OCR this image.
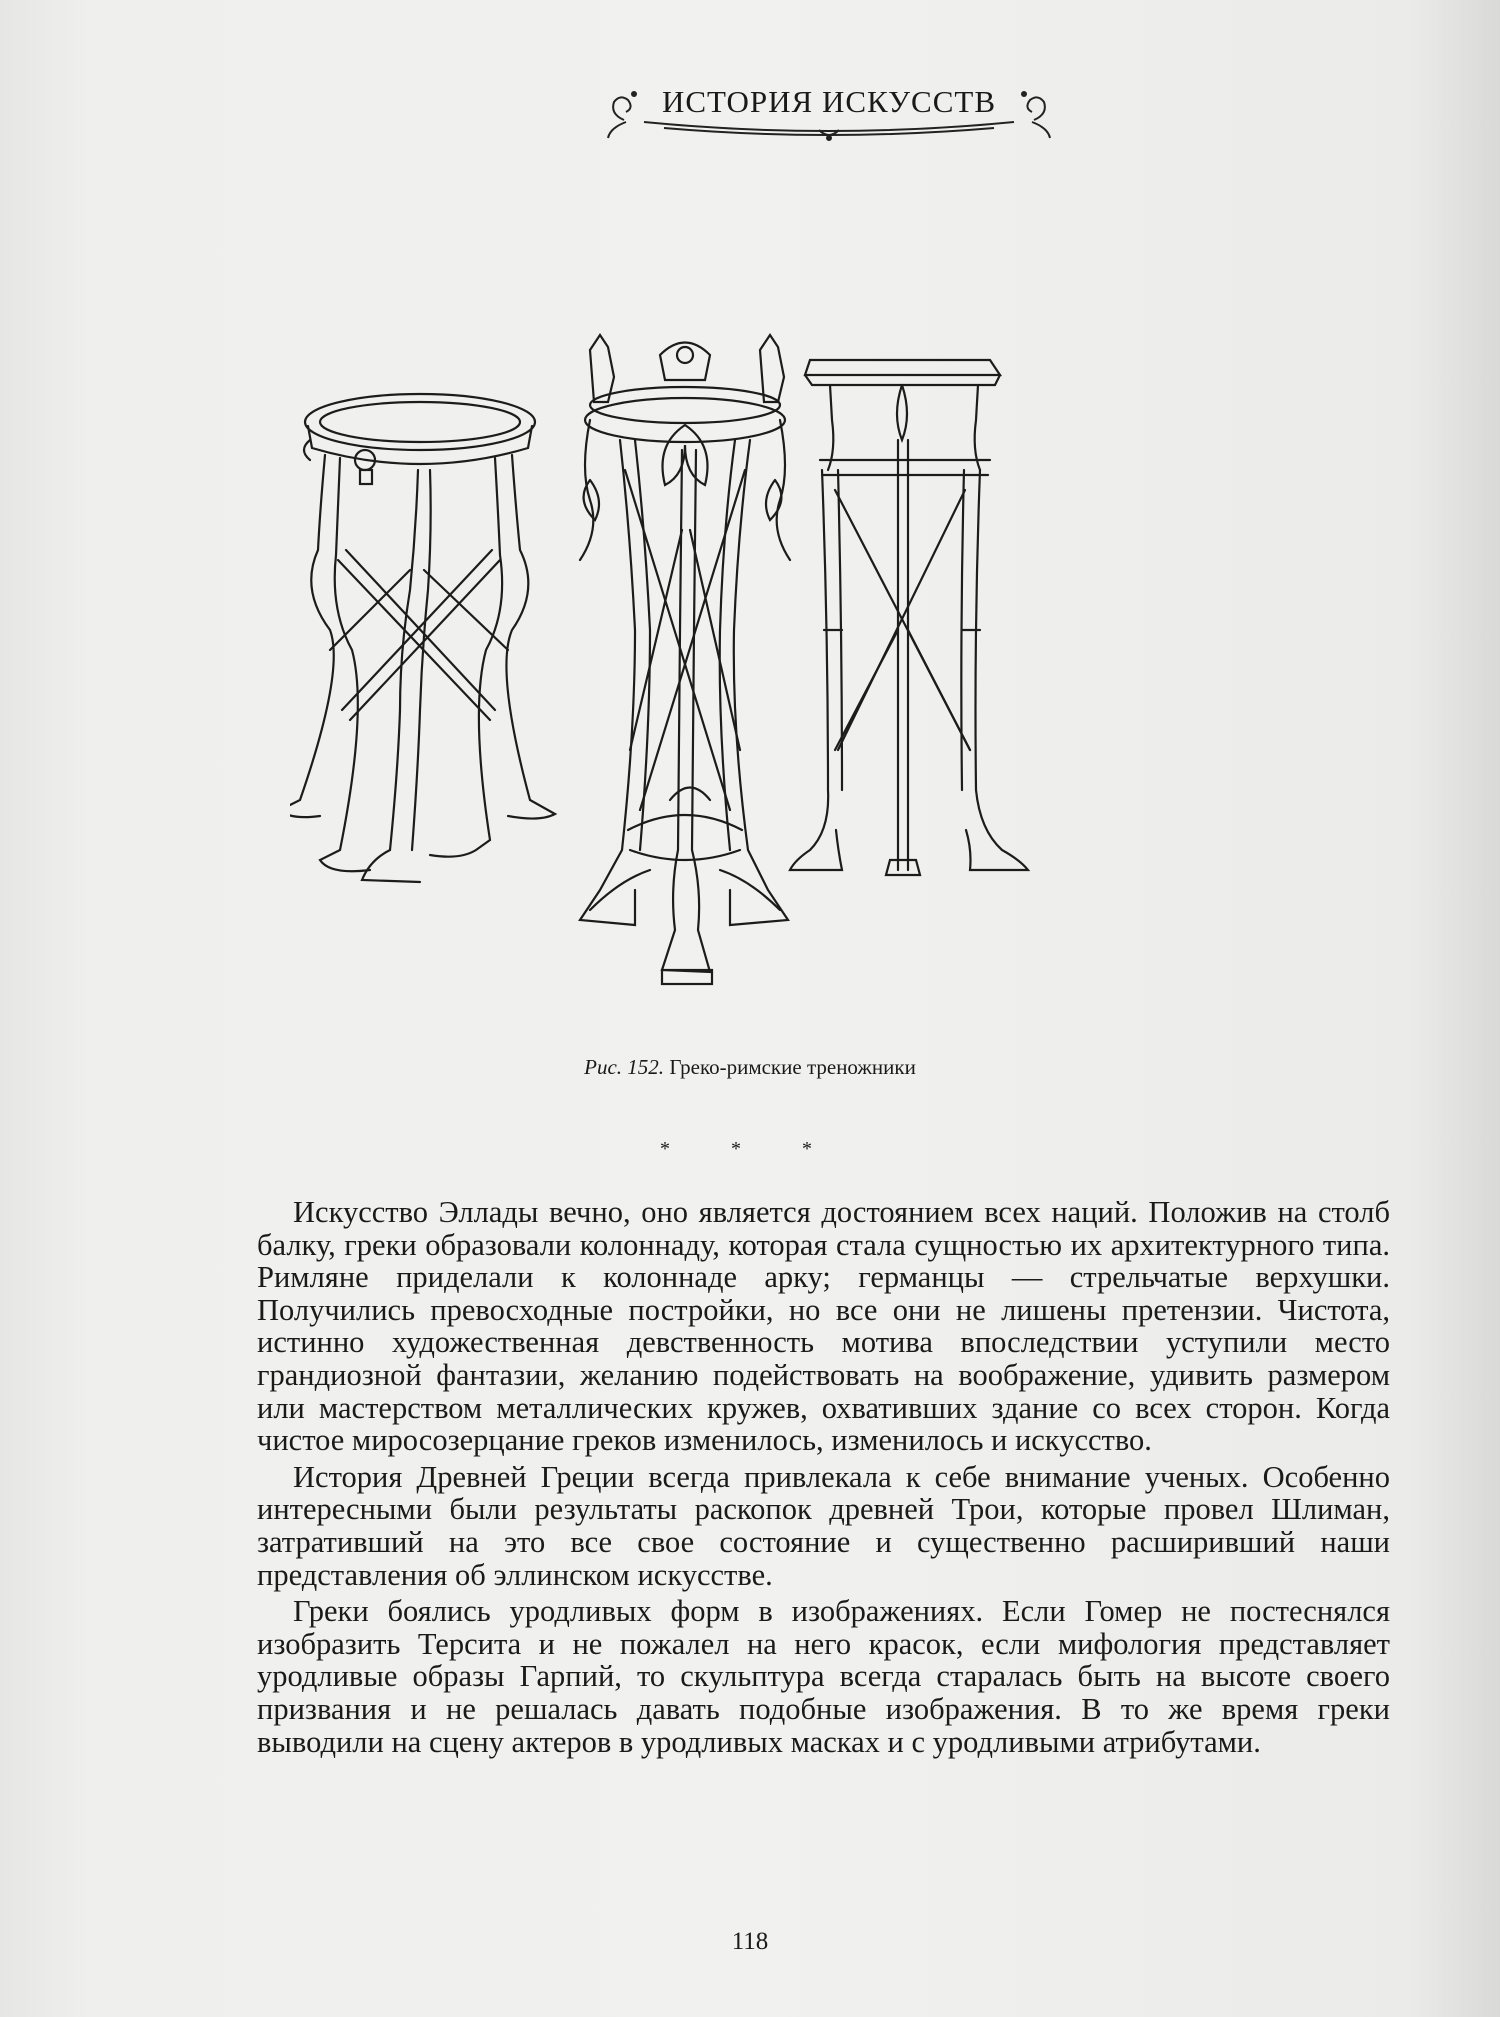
ИСТОРИЯ ИСКУССТВ
Рис. 152. Греко-римские треножники
* * *

Искусство Эллады вечно, оно является достоянием всех наций. Положив на столб балку, греки образовали колоннаду, которая стала сущностью их архитектурного типа. Римляне приделали к колоннаде арку; германцы — стрельчатые верхушки. Получились превосходные постройки, но все они не лишены претензии. Чистота, истинно художественная девственность мотива впоследствии уступили место грандиозной фантазии, желанию подействовать на воображение, удивить размером или мастерством металлических кружев, охвативших здание со всех сторон. Когда чистое миросозерцание греков изменилось, изменилось и искусство.

История Древней Греции всегда привлекала к себе внимание ученых. Особенно интересными были результаты раскопок древней Трои, которые провел Шлиман, затративший на это все свое состояние и существенно расширивший наши представления об эллинском искусстве.

Греки боялись уродливых форм в изображениях. Если Гомер не постеснялся изобразить Терсита и не пожалел на него красок, если мифология представляет уродливые образы Гарпий, то скульптура всегда старалась быть на высоте своего призвания и не решалась давать подобные изображения. В то же время греки выводили на сцену актеров в уродливых масках и с уродливыми атрибутами.

118
